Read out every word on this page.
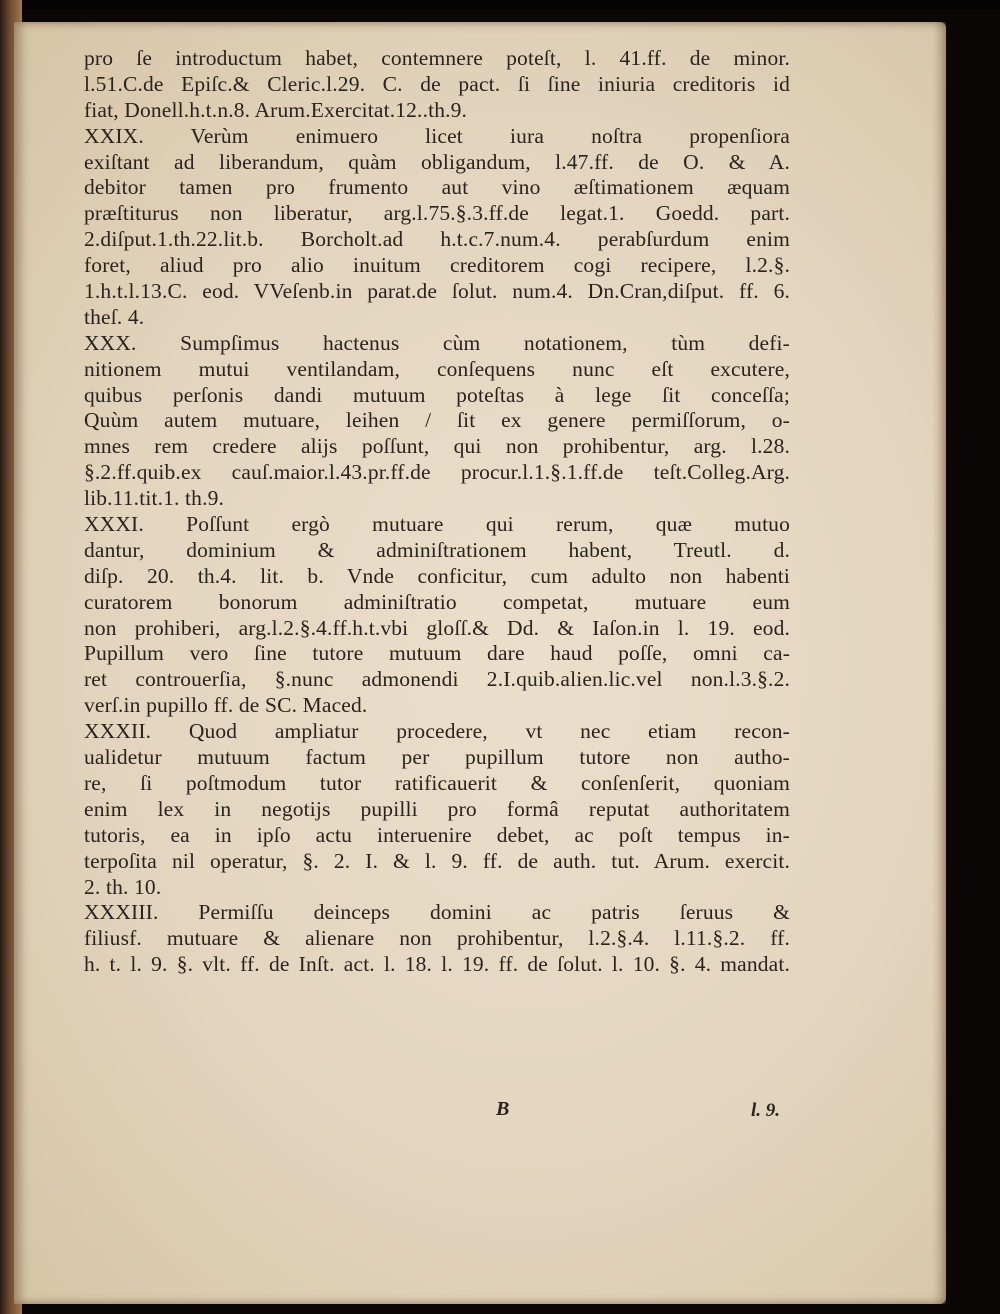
pro ſe introductum habet, contemnere poteſt, l. 41.ff. de minor.
l.51.C.de Epiſc.& Cleric.l.29. C. de pact. ſi ſine iniuria creditoris id
fiat, Donell.h.t.n.8. Arum.Exercitat.12..th.9.
XXIX. Verùm enimuero licet iura noſtra propenſiora
exiſtant ad liberandum, quàm obligandum, l.47.ff. de O. & A.
debitor tamen pro frumento aut vino æſtimationem æquam
præſtiturus non liberatur, arg.l.75.§.3.ff.de legat.1. Goedd. part.
2.diſput.1.th.22.lit.b. Borcholt.ad h.t.c.7.num.4. perabſurdum enim
foret, aliud pro alio inuitum creditorem cogi recipere, l.2.§.
1.h.t.l.13.C. eod. VVeſenb.in parat.de ſolut. num.4. Dn.Cran,diſput. ff. 6.
theſ. 4.
XXX. Sumpſimus hactenus cùm notationem, tùm defi-
nitionem mutui ventilandam, conſequens nunc eſt excutere,
quibus perſonis dandi mutuum poteſtas à lege ſit conceſſa;
Quùm autem mutuare, leihen / ſit ex genere permiſſorum, o-
mnes rem credere alijs poſſunt, qui non prohibentur, arg. l.28.
§.2.ff.quib.ex cauſ.maior.l.43.pr.ff.de procur.l.1.§.1.ff.de teſt.Colleg.Arg.
lib.11.tit.1. th.9.
XXXI. Poſſunt ergò mutuare qui rerum, quæ mutuo
dantur, dominium & adminiſtrationem habent, Treutl. d.
diſp. 20. th.4. lit. b. Vnde conficitur, cum adulto non habenti
curatorem bonorum adminiſtratio competat, mutuare eum
non prohiberi, arg.l.2.§.4.ff.h.t.vbi gloſſ.& Dd. & Iaſon.in l. 19. eod.
Pupillum vero ſine tutore mutuum dare haud poſſe, omni ca-
ret controuerſia, §.nunc admonendi 2.I.quib.alien.lic.vel non.l.3.§.2.
verſ.in pupillo ff. de SC. Maced.
XXXII. Quod ampliatur procedere, vt nec etiam recon-
ualidetur mutuum factum per pupillum tutore non autho-
re, ſi poſtmodum tutor ratificauerit & conſenſerit, quoniam
enim lex in negotijs pupilli pro formâ reputat authoritatem
tutoris, ea in ipſo actu interuenire debet, ac poſt tempus in-
terpoſita nil operatur, §. 2. I. & l. 9. ff. de auth. tut. Arum. exercit.
2. th. 10.
XXXIII. Permiſſu deinceps domini ac patris ſeruus &
filiusf. mutuare & alienare non prohibentur, l.2.§.4. l.11.§.2. ff.
h. t. l. 9. §. vlt. ff. de Inſt. act. l. 18. l. 19. ff. de ſolut. l. 10. §. 4. mandat.
B	l. 9.
